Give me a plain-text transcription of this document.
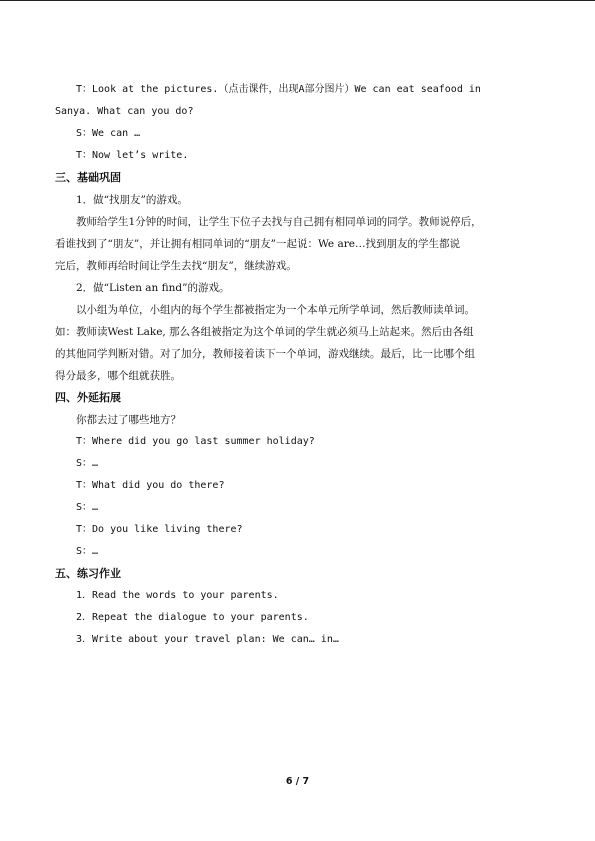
T：Look at the pictures.（点击课件，出现A部分图片）We can eat seafood in
Sanya. What can you do?
S：We can …
T：Now let’s write.
三、基础巩固
1．做“找朋友”的游戏。
教师给学生1分钟的时间，让学生下位子去找与自己拥有相同单词的同学。教师说停后，
看谁找到了“朋友”，并让拥有相同单词的“朋友”一起说：We are…找到朋友的学生都说
完后，教师再给时间让学生去找“朋友”，继续游戏。
2．做“Listen an find”的游戏。
以小组为单位，小组内的每个学生都被指定为一个本单元所学单词，然后教师读单词。
如：教师读West Lake, 那么各组被指定为这个单词的学生就必须马上站起来。然后由各组
的其他同学判断对错。对了加分，教师接着读下一个单词，游戏继续。最后，比一比哪个组
得分最多，哪个组就获胜。
四、外延拓展
你都去过了哪些地方？
T：Where did you go last summer holiday?
S：…
T：What did you do there?
S：…
T：Do you like living there?
S：…
五、练习作业
1．Read the words to your parents.
2．Repeat the dialogue to your parents.
3．Write about your travel plan: We can… in…
6 / 7
